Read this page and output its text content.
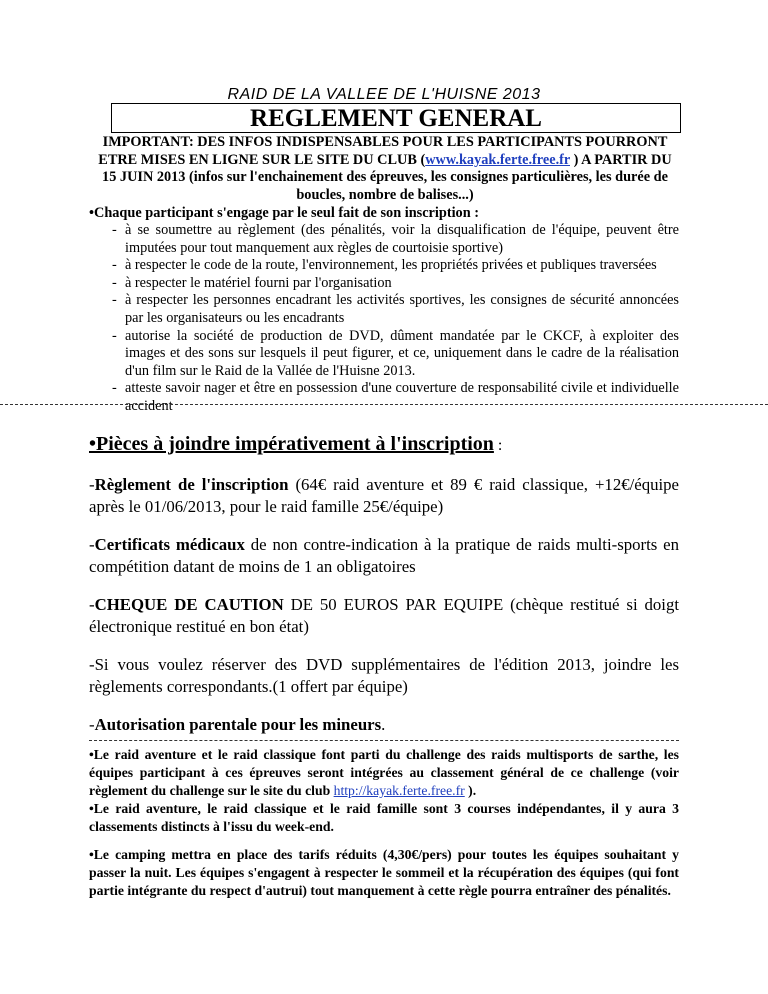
RAID DE LA VALLEE DE L'HUISNE 2013
REGLEMENT GENERAL
IMPORTANT: DES INFOS INDISPENSABLES POUR LES PARTICIPANTS POURRONT ETRE MISES EN LIGNE SUR LE SITE DU CLUB (www.kayak.ferte.free.fr ) A PARTIR DU 15 JUIN 2013 (infos sur l'enchainement des épreuves, les consignes particulières, les durée de boucles, nombre de balises...)
•Chaque participant s'engage par le seul fait de son inscription :
- à se soumettre au règlement (des pénalités, voir la disqualification de l'équipe, peuvent être imputées pour tout manquement aux règles de courtoisie sportive)
- à respecter le code de la route, l'environnement, les propriétés privées et publiques traversées
- à respecter le matériel fourni par l'organisation
- à respecter les personnes encadrant les activités sportives, les consignes de sécurité annoncées par les organisateurs ou les encadrants
- autorise la société de production de DVD, dûment mandatée par le CKCF, à exploiter des images et des sons sur lesquels il peut figurer, et ce, uniquement dans le cadre de la réalisation d'un film sur le Raid de la Vallée de l'Huisne 2013.
- atteste savoir nager et être en possession d'une couverture de responsabilité civile et individuelle accident
•Pièces à joindre impérativement à l'inscription :
-Règlement de l'inscription (64€ raid aventure et 89 € raid classique, +12€/équipe après le 01/06/2013, pour le raid famille 25€/équipe)
-Certificats médicaux de non contre-indication à la pratique de raids multi-sports en compétition datant de moins de 1 an obligatoires
-CHEQUE DE CAUTION DE 50 EUROS PAR EQUIPE (chèque restitué si doigt électronique restitué en bon état)
-Si vous voulez réserver des DVD supplémentaires de l'édition 2013, joindre les règlements correspondants.(1 offert par équipe)
-Autorisation parentale pour les mineurs.
•Le raid aventure et le raid classique font parti du challenge des raids multisports de sarthe, les équipes participant à ces épreuves seront intégrées au classement général de ce challenge (voir règlement du challenge sur le site du club http://kayak.ferte.free.fr ).
•Le raid aventure, le raid classique et le raid famille sont 3 courses indépendantes, il y aura 3 classements distincts à l'issu du week-end.
•Le camping mettra en place des tarifs réduits (4,30€/pers) pour toutes les équipes souhaitant y passer la nuit. Les équipes s'engagent à respecter le sommeil et la récupération des équipes (qui font partie intégrante du respect d'autrui) tout manquement à cette règle pourra entraîner des pénalités.
